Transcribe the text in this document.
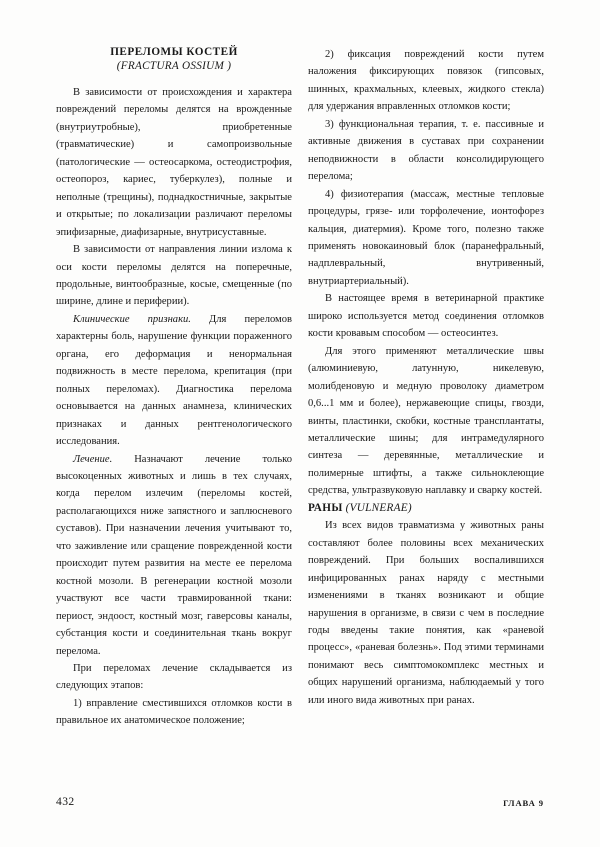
ПЕРЕЛОМЫ КОСТЕЙ
(FRACTURA OSSIUM )

В зависимости от происхождения и характера повреждений переломы делятся на врожденные (внутриутробные), приобретенные (травматические) и самопроизвольные (патологические — остеосаркома, остеодистрофия, остеопороз, кариес, туберкулез), полные и неполные (трещины), поднадкостничные, закрытые и открытые; по локализации различают переломы эпифизарные, диафизарные, внутрисуставные.

В зависимости от направления линии излома к оси кости переломы делятся на поперечные, продольные, винтообразные, косые, смещенные (по ширине, длине и периферии).

Клинические признаки. Для переломов характерны боль, нарушение функции пораженного органа, его деформация и ненормальная подвижность в месте перелома, крепитация (при полных переломах). Диагностика перелома основывается на данных анамнеза, клинических признаках и данных рентгенологического исследования.

Лечение. Назначают лечение только высокоценных животных и лишь в тех случаях, когда перелом излечим (переломы костей, располагающихся ниже запястного и заплюсневого суставов). При назначении лечения учитывают то, что заживление или сращение поврежденной кости происходит путем развития на месте ее перелома костной мозоли. В регенерации костной мозоли участвуют все части травмированной ткани: периост, эндоост, костный мозг, гаверсовы каналы, субстанция кости и соединительная ткань вокруг перелома.

При переломах лечение складывается из следующих этапов:

1) вправление сместившихся отломков кости в правильное их анатомическое положение;

2) фиксация повреждений кости путем наложения фиксирующих повязок (гипсовых, шинных, крахмальных, клеевых, жидкого стекла) для удержания вправленных отломков кости;

3) функциональная терапия, т. е. пассивные и активные движения в суставах при сохранении неподвижности в области консолидирующего перелома;

4) физиотерапия (массаж, местные тепловые процедуры, грязе- или торфолечение, ионтофорез кальция, диатермия). Кроме того, полезно также применять новокаиновый блок (паранефральный, надплевральный, внутривенный, внутриартериальный).

В настоящее время в ветеринарной практике широко используется метод соединения отломков кости кровавым способом — остеосинтез.

Для этого применяют металлические швы (алюминиевую, латунную, никелевую, молибденовую и медную проволоку диаметром 0,6...1 мм и более), нержавеющие спицы, гвозди, винты, пластинки, скобки, костные трансплантаты, металлические шины; для интрамедулярного синтеза — деревянные, металлические и полимерные штифты, а также сильноклеющие средства, ультразвуковую наплавку и сварку костей.

РАНЫ (VULNERAE)

Из всех видов травматизма у животных раны составляют более половины всех механических повреждений. При больших воспалившихся инфицированных ранах наряду с местными изменениями в тканях возникают и общие нарушения в организме, в связи с чем в последние годы введены такие понятия, как «раневой процесс», «раневая болезнь». Под этими терминами понимают весь симптомокомплекс местных и общих нарушений организма, наблюдаемый у того или иного вида животных при ранах.

432	ГЛАВА 9
